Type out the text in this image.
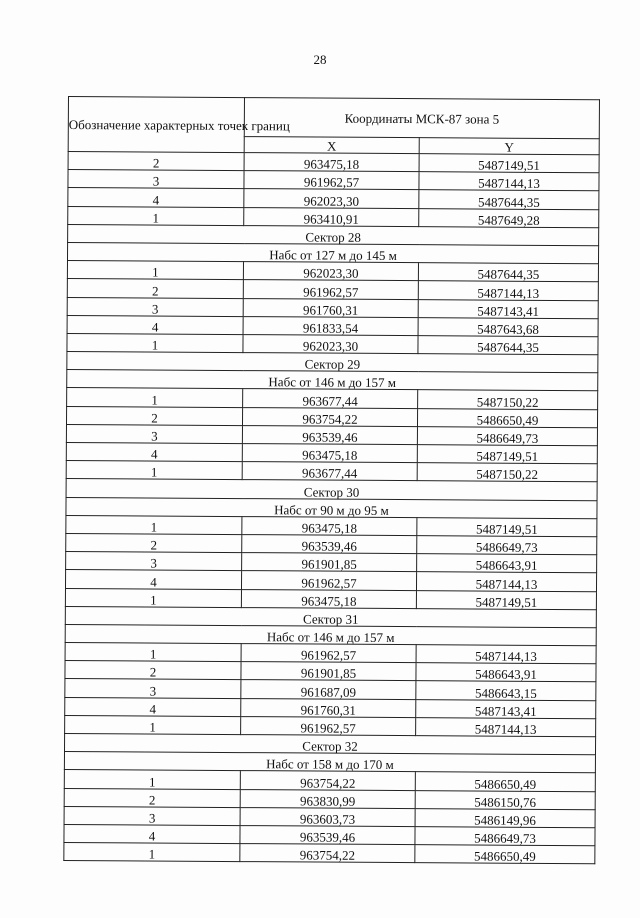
28
Обозначение характерных точек границ	Координаты МСК-87 зона 5	
	X	Y
2	963475,18	5487149,51
3	961962,57	5487144,13
4	962023,30	5487644,35
1	963410,91	5487649,28
Сектор 28		
Набс от 127 м до 145 м		
1	962023,30	5487644,35
2	961962,57	5487144,13
3	961760,31	5487143,41
4	961833,54	5487643,68
1	962023,30	5487644,35
Сектор 29		
Набс от 146 м до 157 м		
1	963677,44	5487150,22
2	963754,22	5486650,49
3	963539,46	5486649,73
4	963475,18	5487149,51
1	963677,44	5487150,22
Сектор 30		
Набс от 90 м до 95 м		
1	963475,18	5487149,51
2	963539,46	5486649,73
3	961901,85	5486643,91
4	961962,57	5487144,13
1	963475,18	5487149,51
Сектор 31		
Набс от 146 м до 157 м		
1	961962,57	5487144,13
2	961901,85	5486643,91
3	961687,09	5486643,15
4	961760,31	5487143,41
1	961962,57	5487144,13
Сектор 32		
Набс от 158 м до 170 м		
1	963754,22	5486650,49
2	963830,99	5486150,76
3	963603,73	5486149,96
4	963539,46	5486649,73
1	963754,22	5486650,49
